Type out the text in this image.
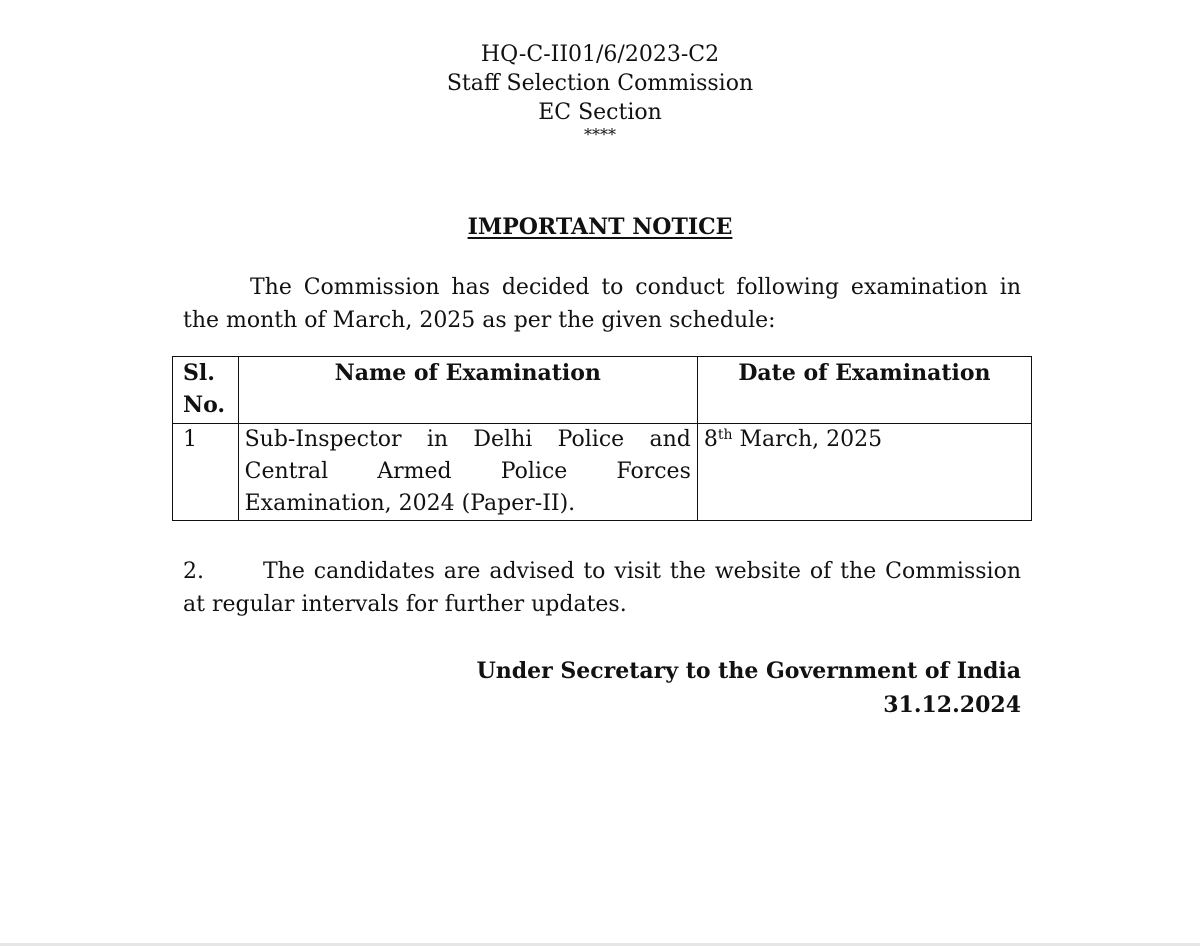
HQ-C-II01/6/2023-C2
Staff Selection Commission
EC Section
****
IMPORTANT NOTICE
The Commission has decided to conduct following examination in the month of March, 2025 as per the given schedule:
Sl. No.	Name of Examination	Date of Examination
1	Sub-Inspector in Delhi Police and Central Armed Police Forces Examination, 2024 (Paper-II).	8th March, 2025
2.	The candidates are advised to visit the website of the Commission at regular intervals for further updates.
Under Secretary to the Government of India
31.12.2024
